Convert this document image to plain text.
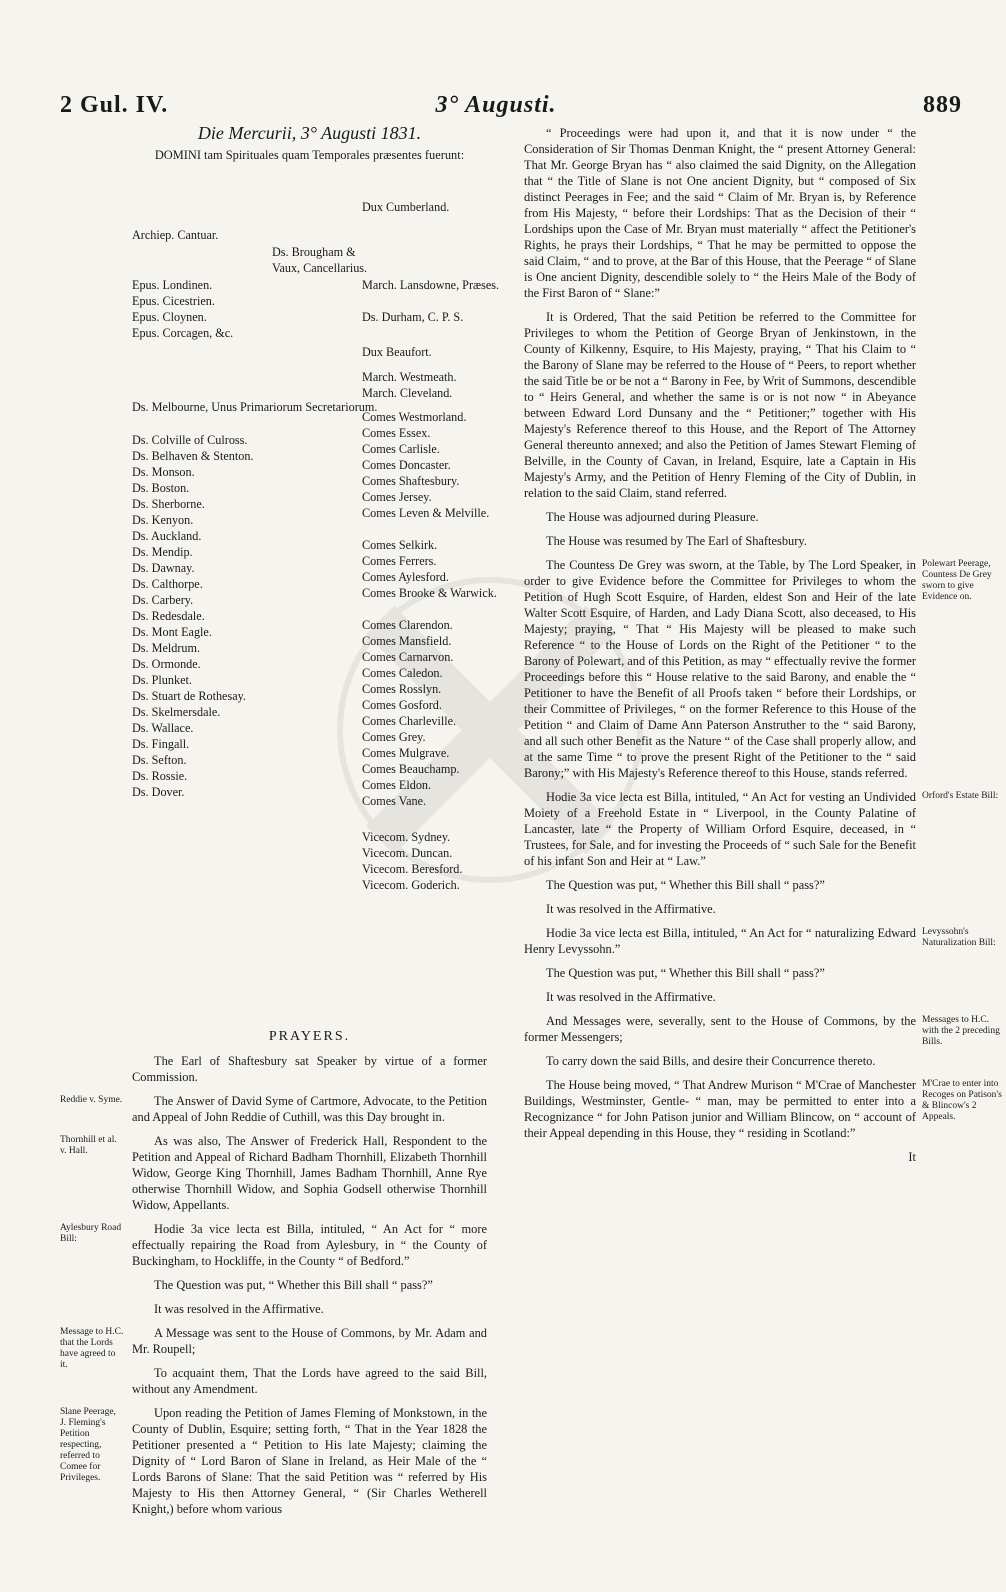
2 Gul. IV.	3° Augusti.	889
Die Mercurii, 3° Augusti 1831.
DOMINI tam Spirituales quam Temporales præsentes fuerunt:
Archiep. Cantuar.
Epus. Londinen.
Epus. Cicestrien.
Epus. Cloynen.
Epus. Corcagen, &c.
Ds. Melbourne, Unus Primariorum Secretariorum.
Ds. Colville of Culross.
Ds. Belhaven & Stenton.
Ds. Monson.
Ds. Boston.
Ds. Sherborne.
Ds. Kenyon.
Ds. Auckland.
Ds. Mendip.
Ds. Dawnay.
Ds. Calthorpe.
Ds. Carbery.
Ds. Redesdale.
Ds. Mont Eagle.
Ds. Meldrum.
Ds. Ormonde.
Ds. Plunket.
Ds. Stuart de Rothesay.
Ds. Skelmersdale.
Ds. Wallace.
Ds. Fingall.
Ds. Sefton.
Ds. Rossie.
Ds. Dover.
Ds. Brougham & Vaux, Cancellarius.
Dux Cumberland.
March. Lansdowne, Præses.
Ds. Durham, C. P. S.
Dux Beaufort.
March. Westmeath.
March. Cleveland.
Comes Westmorland.
Comes Essex.
Comes Carlisle.
Comes Doncaster.
Comes Shaftesbury.
Comes Jersey.
Comes Leven & Melville.
Comes Selkirk.
Comes Ferrers.
Comes Aylesford.
Comes Brooke & Warwick.
Comes Clarendon.
Comes Mansfield.
Comes Carnarvon.
Comes Caledon.
Comes Rosslyn.
Comes Gosford.
Comes Charleville.
Comes Grey.
Comes Mulgrave.
Comes Beauchamp.
Comes Eldon.
Comes Vane.
Vicecom. Sydney.
Vicecom. Duncan.
Vicecom. Beresford.
Vicecom. Goderich.
PRAYERS.

The Earl of Shaftesbury sat Speaker by virtue of a former Commission.

Reddie v. Syme.	The Answer of David Syme of Cartmore, Advocate, to the Petition and Appeal of John Reddie of Cuthill, was this Day brought in.

Thornhill et al. v. Hall.

As was also, The Answer of Frederick Hall, Respondent to the Petition and Appeal of Richard Badham Thornhill, Elizabeth Thornhill Widow, George King Thornhill, James Badham Thornhill, Anne Rye otherwise Thornhill Widow, and Sophia Godsell otherwise Thornhill Widow, Appellants.

Aylesbury Road Bill:

Hodie 3a vice lecta est Billa, intituled, “ An Act for “ more effectually repairing the Road from Aylesbury, in “ the County of Buckingham, to Hockliffe, in the County “ of Bedford.”

The Question was put, “ Whether this Bill shall “ pass?”

It was resolved in the Affirmative.

Message to H.C. that the Lords have agreed to it.

A Message was sent to the House of Commons, by Mr. Adam and Mr. Roupell;

To acquaint them, That the Lords have agreed to the said Bill, without any Amendment.

Slane Peerage, J. Fleming's Petition respecting, referred to Comee for Privileges.

Upon reading the Petition of James Fleming of Monkstown, in the County of Dublin, Esquire; setting forth, “ That in the Year 1828 the Petitioner presented a “ Petition to His late Majesty; claiming the Dignity of “ Lord Baron of Slane in Ireland, as Heir Male of the “ Lords Barons of Slane: That the said Petition was “ referred by His Majesty to His then Attorney General, “ (Sir Charles Wetherell Knight,) before whom various

“ Proceedings were had upon it, and that it is now under “ the Consideration of Sir Thomas Denman Knight, the “ present Attorney General: That Mr. George Bryan has “ also claimed the said Dignity, on the Allegation that “ the Title of Slane is not One ancient Dignity, but “ composed of Six distinct Peerages in Fee; and the said “ Claim of Mr. Bryan is, by Reference from His Majesty, “ before their Lordships: That as the Decision of their “ Lordships upon the Case of Mr. Bryan must materially “ affect the Petitioner's Rights, he prays their Lordships, “ That he may be permitted to oppose the said Claim, “ and to prove, at the Bar of this House, that the Peerage “ of Slane is One ancient Dignity, descendible solely to “ the Heirs Male of the Body of the First Baron of “ Slane:”

It is Ordered, That the said Petition be referred to the Committee for Privileges to whom the Petition of George Bryan of Jenkinstown, in the County of Kilkenny, Esquire, to His Majesty, praying, “ That his Claim to “ the Barony of Slane may be referred to the House of “ Peers, to report whether the said Title be or be not a “ Barony in Fee, by Writ of Summons, descendible to “ Heirs General, and whether the same is or is not now “ in Abeyance between Edward Lord Dunsany and the “ Petitioner;” together with His Majesty's Reference thereof to this House, and the Report of The Attorney General thereunto annexed; and also the Petition of James Stewart Fleming of Belville, in the County of Cavan, in Ireland, Esquire, late a Captain in His Majesty's Army, and the Petition of Henry Fleming of the City of Dublin, in relation to the said Claim, stand referred.

The House was adjourned during Pleasure.

The House was resumed by The Earl of Shaftesbury.

Polewart Peerage, Countess De Grey sworn to give Evidence on.

The Countess De Grey was sworn, at the Table, by The Lord Speaker, in order to give Evidence before the Committee for Privileges to whom the Petition of Hugh Scott Esquire, of Harden, eldest Son and Heir of the late Walter Scott Esquire, of Harden, and Lady Diana Scott, also deceased, to His Majesty; praying, “ That “ His Majesty will be pleased to make such Reference “ to the House of Lords on the Right of the Petitioner “ to the Barony of Polewart, and of this Petition, as may “ effectually revive the former Proceedings before this “ House relative to the said Barony, and enable the “ Petitioner to have the Benefit of all Proofs taken “ before their Lordships, or their Committee of Privileges, “ on the former Reference to this House of the Petition “ and Claim of Dame Ann Paterson Anstruther to the “ said Barony, and all such other Benefit as the Nature “ of the Case shall properly allow, and at the same Time “ to prove the present Right of the Petitioner to the “ said Barony;” with His Majesty's Reference thereof to this House, stands referred.

Orford's Estate Bill:

Hodie 3a vice lecta est Billa, intituled, “ An Act for vesting an Undivided Moiety of a Freehold Estate in “ Liverpool, in the County Palatine of Lancaster, late “ the Property of William Orford Esquire, deceased, in “ Trustees, for Sale, and for investing the Proceeds of “ such Sale for the Benefit of his infant Son and Heir at “ Law.”

The Question was put, “ Whether this Bill shall “ pass?”

It was resolved in the Affirmative.

Levyssohn's Naturalization Bill:

Hodie 3a vice lecta est Billa, intituled, “ An Act for “ naturalizing Edward Henry Levyssohn.”

The Question was put, “ Whether this Bill shall “ pass?”

It was resolved in the Affirmative.

Messages to H.C. with the 2 preceding Bills.

And Messages were, severally, sent to the House of Commons, by the former Messengers;

To carry down the said Bills, and desire their Concurrence thereto.

M'Crae to enter into Recoges on Patison's & Blincow's 2 Appeals.

The House being moved, “ That Andrew Murison “ M'Crae of Manchester Buildings, Westminster, Gentle- “ man, may be permitted to enter into a Recognizance “ for John Patison junior and William Blincow, on “ account of their Appeal depending in this House, they “ residing in Scotland:”

It
